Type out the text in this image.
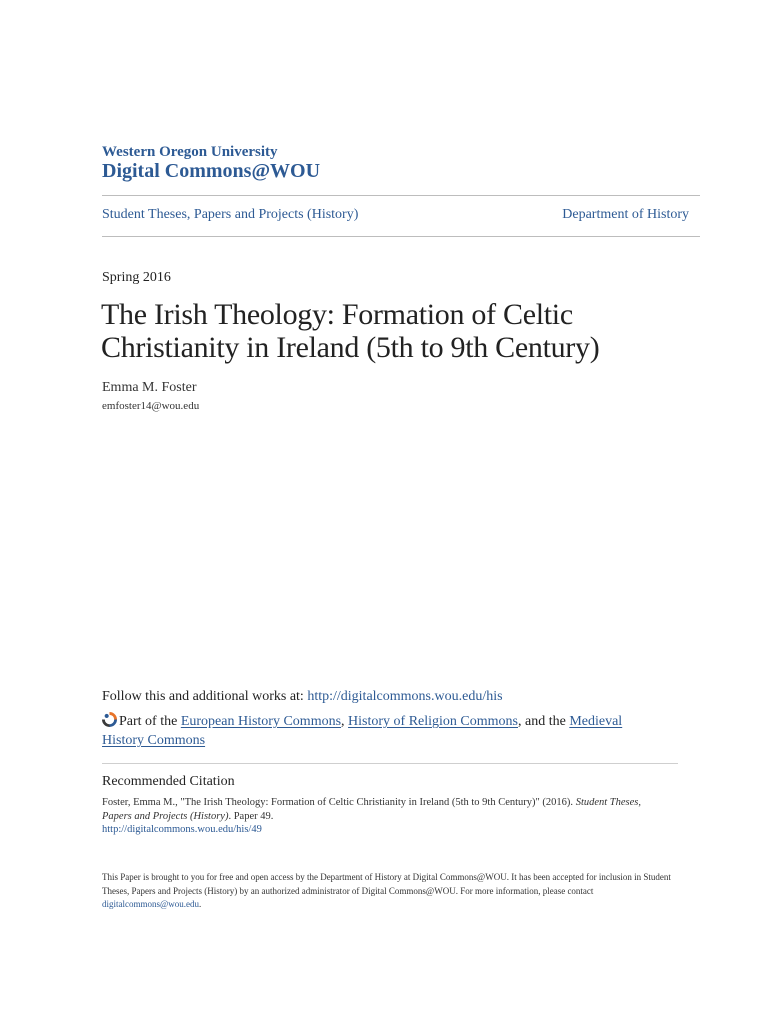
Western Oregon University
Digital Commons@WOU
Student Theses, Papers and Projects (History)	Department of History
Spring 2016
The Irish Theology: Formation of Celtic
Christianity in Ireland (5th to 9th Century)
Emma M. Foster
emfoster14@wou.edu
Follow this and additional works at: http://digitalcommons.wou.edu/his
Part of the European History Commons, History of Religion Commons, and the Medieval History Commons
Recommended Citation
Foster, Emma M., "The Irish Theology: Formation of Celtic Christianity in Ireland (5th to 9th Century)" (2016). Student Theses, Papers and Projects (History). Paper 49.
http://digitalcommons.wou.edu/his/49
This Paper is brought to you for free and open access by the Department of History at Digital Commons@WOU. It has been accepted for inclusion in Student Theses, Papers and Projects (History) by an authorized administrator of Digital Commons@WOU. For more information, please contact digitalcommons@wou.edu.
